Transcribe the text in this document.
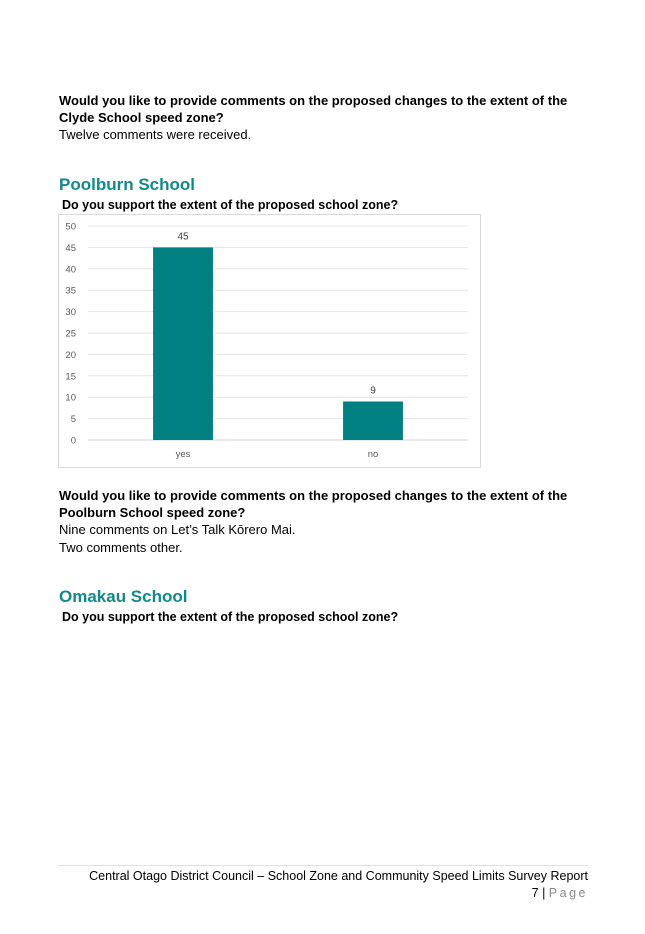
Would you like to provide comments on the proposed changes to the extent of the Clyde School speed zone?
Twelve comments were received.
Poolburn School
Do you support the extent of the proposed school zone?
0
5
10
15
20
25
30
35
40
45
50
45
yes
9
no
Would you like to provide comments on the proposed changes to the extent of the Poolburn School speed zone?
Nine comments on Let’s Talk Kōrero Mai.
Two comments other.
Omakau School
Do you support the extent of the proposed school zone?
Central Otago District Council – School Zone and Community Speed Limits Survey Report
7 | Page
